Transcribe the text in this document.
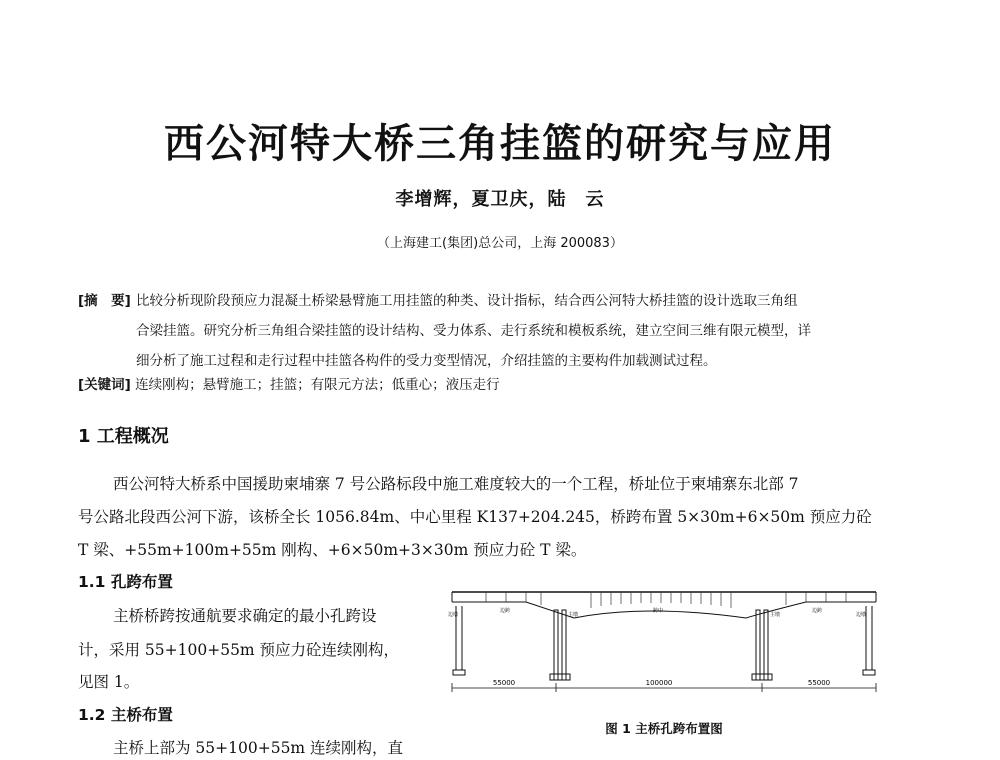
西公河特大桥三角挂篮的研究与应用
李增辉，夏卫庆，陆　云
（上海建工(集团)总公司，上海 200083）
[摘　要] 比较分析现阶段预应力混凝土桥梁悬臂施工用挂篮的种类、设计指标，结合西公河特大桥挂篮的设计选取三角组
合梁挂篮。研究分析三角组合梁挂篮的设计结构、受力体系、走行系统和模板系统，建立空间三维有限元模型，详
细分析了施工过程和走行过程中挂篮各构件的受力变型情况，介绍挂篮的主要构件加载测试过程。
[关键词] 连续刚构；悬臂施工；挂篮；有限元方法；低重心；液压走行
1 工程概况
西公河特大桥系中国援助柬埔寨 7 号公路标段中施工难度较大的一个工程，桥址位于柬埔寨东北部 7
号公路北段西公河下游，该桥全长 1056.84m、中心里程 K137+204.245，桥跨布置 5×30m+6×50m 预应力砼
T 梁、+55m+100m+55m 刚构、+6×50m+3×30m 预应力砼 T 梁。
1.1 孔跨布置
主桥桥跨按通航要求确定的最小孔跨设
计，采用 55+100+55m 预应力砼连续刚构，
见图 1。
1.2 主桥布置
主桥上部为 55+100+55m 连续刚构，直
55000	100000	55000
边墩
边跨
主墩
跨中
主墩
边跨
边墩
图 1 主桥孔跨布置图
